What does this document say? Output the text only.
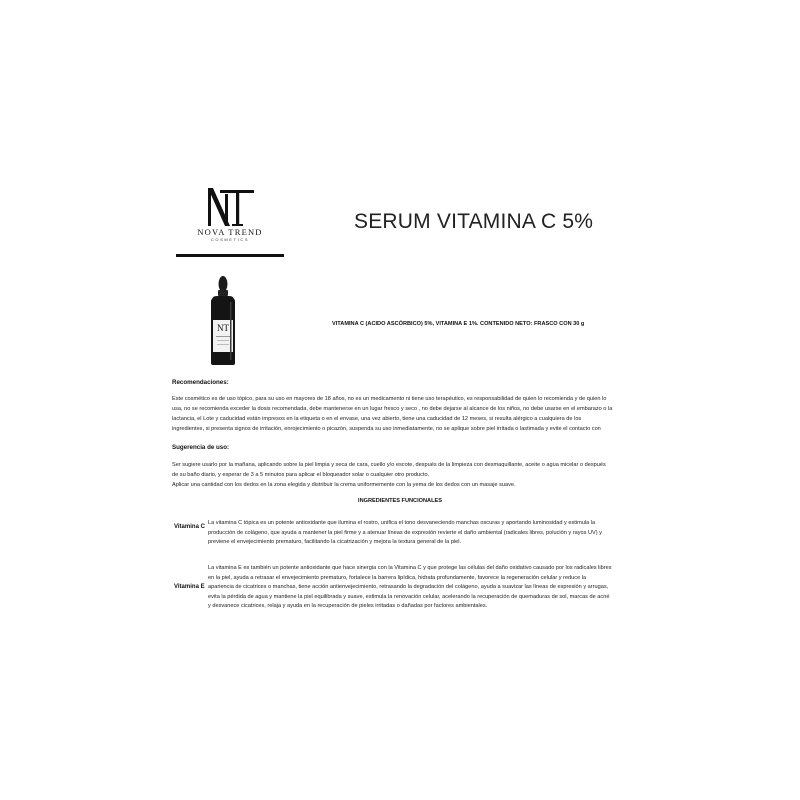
NOVA TREND
COSMETICS
SERUM VITAMINA C 5%
NT	VITAMINA C (ACIDO ASCÓRBICO) 5%, VITAMINA E 1%. CONTENIDO NETO: FRASCO CON 30 g
Recomendaciones:
Este cosmético es de uso tópico, para su uso en mayores de 18 años, no es un medicamento ni tiene uso terapéutico, es responsabilidad de quien lo recomienda y de quien lo
usa, no se recomienda exceder la dosis recomendada, debe mantenerse en un lugar fresco y seco , no debe dejarse al alcance de los niños, no debe usarse en el embarazo o la
lactancia, el Lote y caducidad están impresos en la etiqueta o en el envase, una vez abierto, tiene una caducidad de 12 meses, si resulta alérgico a cualquiera de los
ingredientes, si presenta signos de irritación, enrojecimiento o picazón, suspenda su uso inmediatamente, no se aplique sobre piel irritada o lastimada y evite el contacto con
Sugerencia de uso:
Ser sugiere usarlo por la mañana, aplicando sobre la piel limpia y seca de cara, cuello y/o escote, después de la limpieza con desmaquillante, aceite o agua micelar o después
de su baño diario, y esperar de 3 a 5 minutos para aplicar el bloqueador solar o cualquier otro producto.
Aplicar una cantidad con los dedos en la zona elegida y distribuir la crema uniformemente con la yema de los dedos con un masaje suave.
INGREDIENTES FUNCIONALES
Vitamina C
La vitamina C tópica es un potente antioxidante que ilumina el rostro, unifica el tono desvaneciendo manchas oscuras y aportando luminosidad y estimula la
producción de colágeno, que ayuda a mantener la piel firme y a atenuar líneas de expresión revierte el daño ambiental (radicales libres, polución y rayos UV) y
previene el envejecimiento prematuro, facilitando la cicatrización y mejora la textura general de la piel.
Vitamina E
La vitamina E es también un potente antioxidante que hace sinergia con la Vitamina C y que protege las células del daño oxidativo causado por los radicales libres
en la piel, ayuda a retrasar el envejecimiento prematuro, fortalece la barrera lipídica, hidrata profundamente, favorece la regeneración celular y reduce la
apariencia de cicatrices o manchas, tiene acción antienvejecimiento, retrasando la degradación del colágeno, ayuda a suavizar las líneas de expresión y arrugas,
evita la pérdida de agua y mantiene la piel equilibrada y suave, estimula la renovación celular, acelerando la recuperación de quemaduras de sol, marcas de acné
y desvanece cicatrices, relaja y ayuda en la recuperación de pieles irritadas o dañadas por factores ambientales.
